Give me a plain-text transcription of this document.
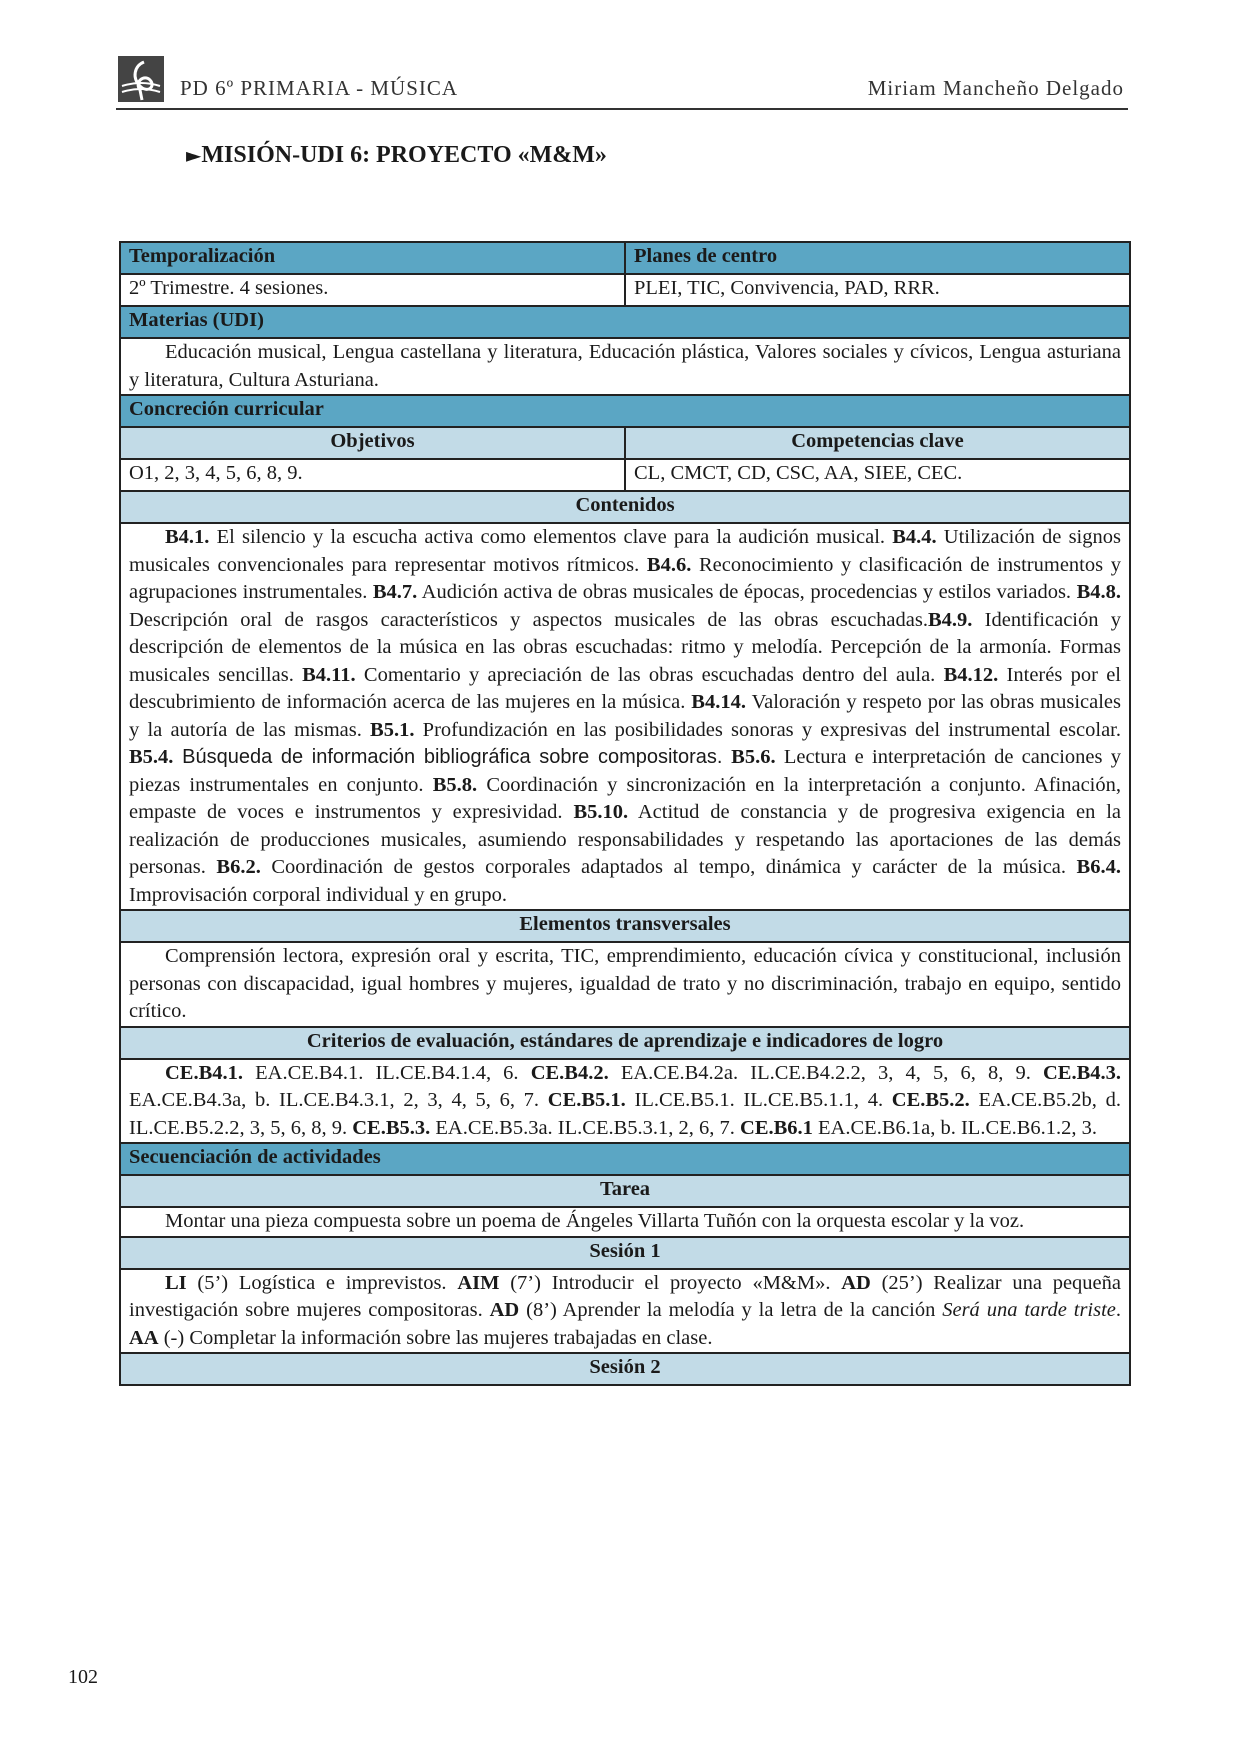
PD 6º PRIMARIA - MÚSICA	Miriam Mancheño Delgado
►MISIÓN-UDI 6: PROYECTO «M&M»
Temporalización	Planes de centro
2º Trimestre. 4 sesiones.	PLEI, TIC, Convivencia, PAD, RRR.
Materias (UDI)	
Educación musical, Lengua castellana y literatura, Educación plástica, Valores sociales y cívicos, Lengua asturiana y literatura, Cultura Asturiana.	
Concreción curricular	
Objetivos	Competencias clave
O1, 2, 3, 4, 5, 6, 8, 9.	CL, CMCT, CD, CSC, AA, SIEE, CEC.
Contenidos	
B4.1. El silencio y la escucha activa como elementos clave para la audición musical. B4.4. Utilización de signos musicales convencionales para representar motivos rítmicos. B4.6. Reconocimiento y clasificación de instrumentos y agrupaciones instrumentales. B4.7. Audición activa de obras musicales de épocas, procedencias y estilos variados. B4.8. Descripción oral de rasgos característicos y aspectos musicales de las obras escuchadas.B4.9. Identificación y descripción de elementos de la música en las obras escuchadas: ritmo y melodía. Percepción de la armonía. Formas musicales sencillas. B4.11. Comentario y apreciación de las obras escuchadas dentro del aula. B4.12. Interés por el descubrimiento de información acerca de las mujeres en la música. B4.14. Valoración y respeto por las obras musicales y la autoría de las mismas. B5.1. Profundización en las posibilidades sonoras y expresivas del instrumental escolar. B5.4. Búsqueda de información bibliográfica sobre compositoras. B5.6. Lectura e interpretación de canciones y piezas instrumentales en conjunto. B5.8. Coordinación y sincronización en la interpretación a conjunto. Afinación, empaste de voces e instrumentos y expresividad. B5.10. Actitud de constancia y de progresiva exigencia en la realización de producciones musicales, asumiendo responsabilidades y respetando las aportaciones de las demás personas. B6.2. Coordinación de gestos corporales adaptados al tempo, dinámica y carácter de la música. B6.4. Improvisación corporal individual y en grupo.	
Elementos transversales	
Comprensión lectora, expresión oral y escrita, TIC, emprendimiento, educación cívica y constitucional, inclusión personas con discapacidad, igual hombres y mujeres, igualdad de trato y no discriminación, trabajo en equipo, sentido crítico.	
Criterios de evaluación, estándares de aprendizaje e indicadores de logro	
CE.B4.1. EA.CE.B4.1. IL.CE.B4.1.4, 6. CE.B4.2. EA.CE.B4.2a. IL.CE.B4.2.2, 3, 4, 5, 6, 8, 9. CE.B4.3. EA.CE.B4.3a, b. IL.CE.B4.3.1, 2, 3, 4, 5, 6, 7. CE.B5.1. IL.CE.B5.1. IL.CE.B5.1.1, 4. CE.B5.2. EA.CE.B5.2b, d. IL.CE.B5.2.2, 3, 5, 6, 8, 9. CE.B5.3. EA.CE.B5.3a. IL.CE.B5.3.1, 2, 6, 7. CE.B6.1 EA.CE.B6.1a, b. IL.CE.B6.1.2, 3.	
Secuenciación de actividades	
Tarea	
Montar una pieza compuesta sobre un poema de Ángeles Villarta Tuñón con la orquesta escolar y la voz.	
Sesión 1	
LI (5’) Logística e imprevistos. AIM (7’) Introducir el proyecto «M&M». AD (25’) Realizar una pequeña investigación sobre mujeres compositoras. AD (8’) Aprender la melodía y la letra de la canción Será una tarde triste. AA (-) Completar la información sobre las mujeres trabajadas en clase.	
Sesión 2	
102
